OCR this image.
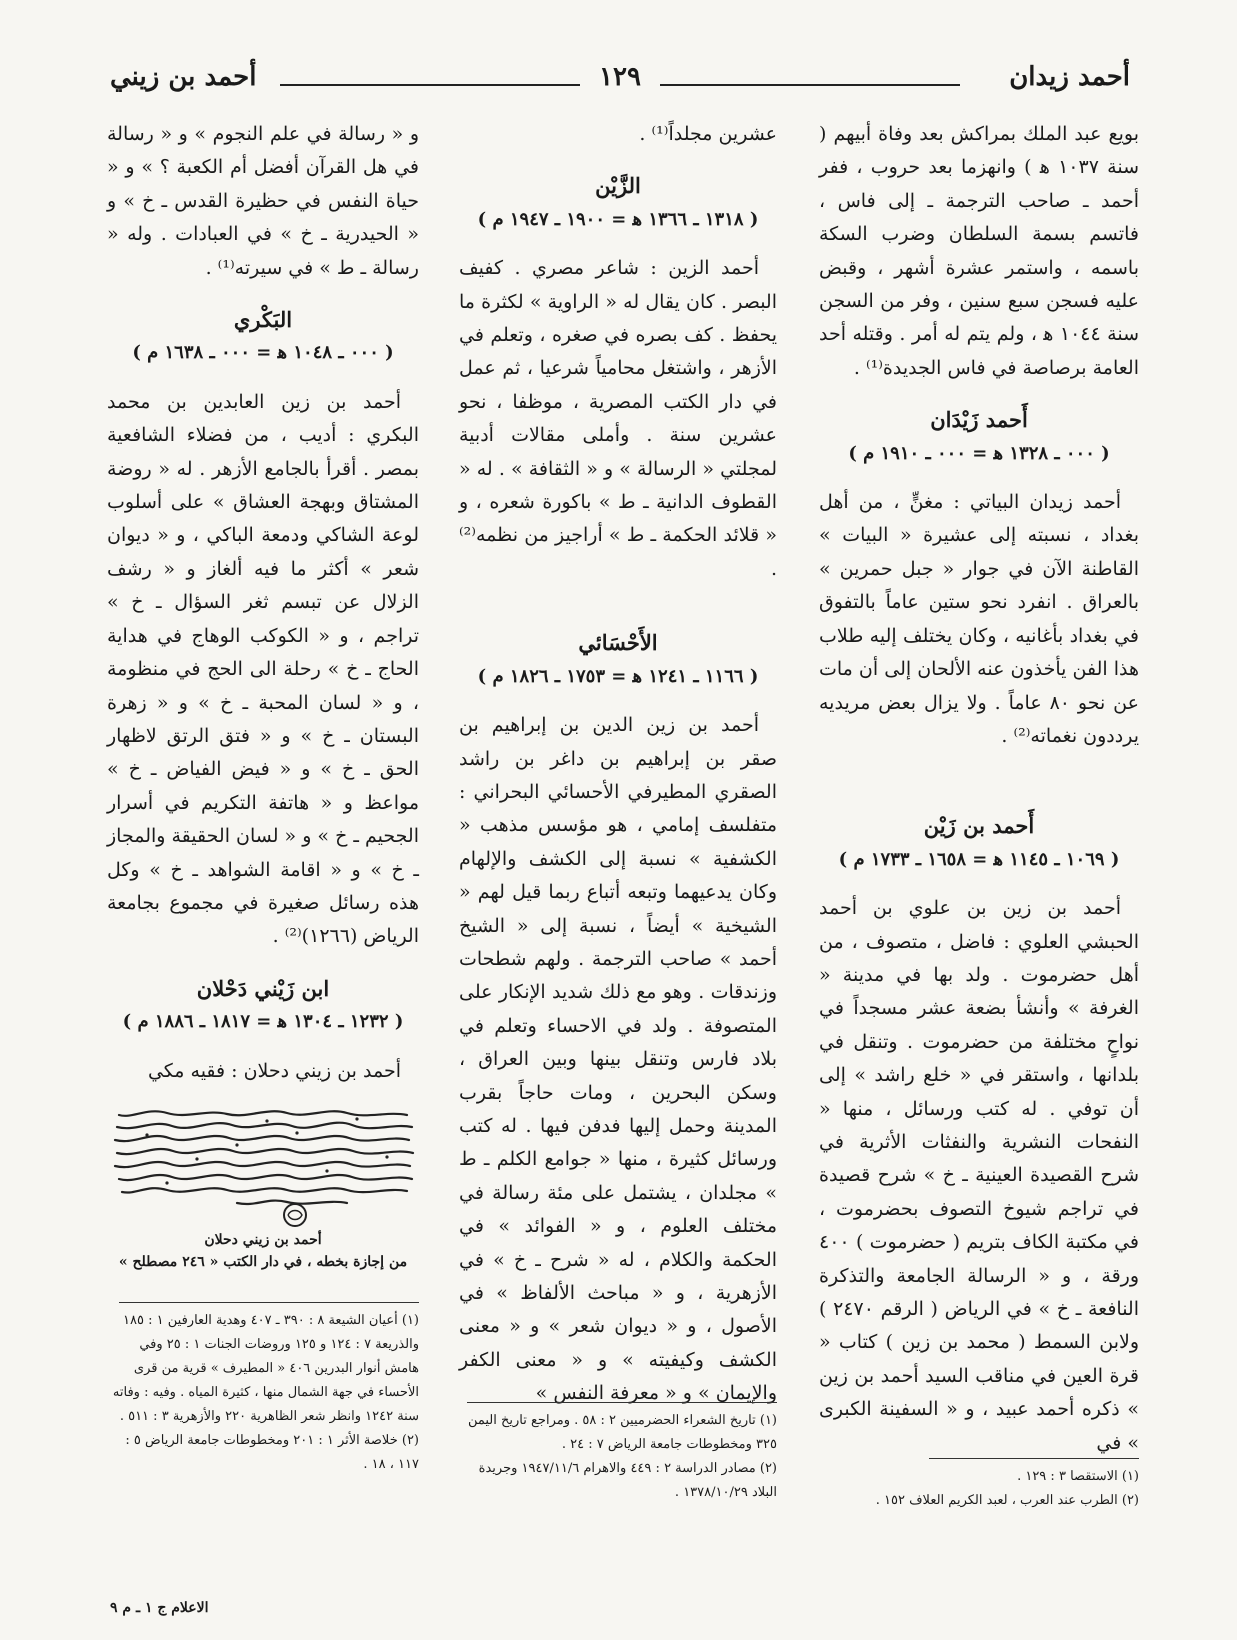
أحمد زيدان
١٢٩
أحمد بن زيني

بويع عبد الملك بمراكش بعد وفاة أبيهم ( سنة ١٠٣٧ ﻫ ) وانهزما بعد حروب ، ففر أحمد ـ صاحب الترجمة ـ إلى فاس ، فاتسم بسمة السلطان وضرب السكة باسمه ، واستمر عشرة أشهر ، وقبض عليه فسجن سبع سنين ، وفر من السجن سنة ١٠٤٤ ﻫ ، ولم يتم له أمر . وقتله أحد العامة برصاصة في فاس الجديدة⁽¹⁾ .

أَحمد زَيْدَان
( ٠٠٠ ـ ١٣٢٨ ﻫ = ٠٠٠ ـ ١٩١٠ م )

أحمد زيدان البياتي : مغنٍّ ، من أهل بغداد ، نسبته إلى عشيرة « البيات » القاطنة الآن في جوار « جبل حمرين » بالعراق . انفرد نحو ستين عاماً بالتفوق في بغداد بأغانيه ، وكان يختلف إليه طلاب هذا الفن يأخذون عنه الألحان إلى أن مات عن نحو ٨٠ عاماً . ولا يزال بعض مريديه يرددون نغماته⁽²⁾ .

أَحمد بن زَيْن
( ١٠٦٩ ـ ١١٤٥ ﻫ = ١٦٥٨ ـ ١٧٣٣ م )

أحمد بن زين بن علوي بن أحمد الحبشي العلوي : فاضل ، متصوف ، من أهل حضرموت . ولد بها في مدينة « الغرفة » وأنشأ بضعة عشر مسجداً في نواحٍ مختلفة من حضرموت . وتنقل في بلدانها ، واستقر في « خلع راشد » إلى أن توفي . له كتب ورسائل ، منها « النفحات النشرية والنفثات الأثرية في شرح القصيدة العينية ـ خ » شرح قصيدة في تراجم شيوخ التصوف بحضرموت ، في مكتبة الكاف بتريم ( حضرموت ) ٤٠٠ ورقة ، و « الرسالة الجامعة والتذكرة النافعة ـ خ » في الرياض ( الرقم ٢٤٧٠ ) ولابن السمط ( محمد بن زين ) كتاب « قرة العين في مناقب السيد أحمد بن زين » ذكره أحمد عبيد ، و « السفينة الكبرى » في

(١) الاستقصا ٣ : ١٢٩ .
(٢) الطرب عند العرب ، لعبد الكريم العلاف ١٥٢ .

عشرين مجلداً⁽¹⁾ .

الزَّيْن
( ١٣١٨ ـ ١٣٦٦ ﻫ = ١٩٠٠ ـ ١٩٤٧ م )

أحمد الزين : شاعر مصري . كفيف البصر . كان يقال له « الراوية » لكثرة ما يحفظ . كف بصره في صغره ، وتعلم في الأزهر ، واشتغل محامياً شرعيا ، ثم عمل في دار الكتب المصرية ، موظفا ، نحو عشرين سنة . وأملى مقالات أدبية لمجلتي « الرسالة » و « الثقافة » . له « القطوف الدانية ـ ط » باكورة شعره ، و « قلائد الحكمة ـ ط » أراجيز من نظمه⁽²⁾ .

الأَحْسَائي
( ١١٦٦ ـ ١٢٤١ ﻫ = ١٧٥٣ ـ ١٨٢٦ م )

أحمد بن زين الدين بن إبراهيم بن صقر بن إبراهيم بن داغر بن راشد الصقري المطيرفي الأحسائي البحراني : متفلسف إمامي ، هو مؤسس مذهب « الكشفية » نسبة إلى الكشف والإلهام وكان يدعيهما وتبعه أتباع ربما قيل لهم « الشيخية » أيضاً ، نسبة إلى « الشيخ أحمد » صاحب الترجمة . ولهم شطحات وزندقات . وهو مع ذلك شديد الإنكار على المتصوفة . ولد في الاحساء وتعلم في بلاد فارس وتنقل بينها وبين العراق ، وسكن البحرين ، ومات حاجاً بقرب المدينة وحمل إليها فدفن فيها . له كتب ورسائل كثيرة ، منها « جوامع الكلم ـ ط » مجلدان ، يشتمل على مئة رسالة في مختلف العلوم ، و « الفوائد » في الحكمة والكلام ، له « شرح ـ خ » في الأزهرية ، و « مباحث الألفاظ » في الأصول ، و « ديوان شعر » و « معنى الكشف وكيفيته » و « معنى الكفر والإيمان » و « معرفة النفس »

(١) تاريخ الشعراء الحضرميين ٢ : ٥٨ . ومراجع تاريخ اليمن ٣٢٥ ومخطوطات جامعة الرياض ٧ : ٢٤ .
(٢) مصادر الدراسة ٢ : ٤٤٩ والاهرام ١٩٤٧/١١/٦ وجريدة البلاد ١٣٧٨/١٠/٢٩ .

و « رسالة في علم النجوم » و « رسالة في هل القرآن أفضل أم الكعبة ؟ » و « حياة النفس في حظيرة القدس ـ خ » و « الحيدرية ـ خ » في العبادات . وله « رسالة ـ ط » في سيرته⁽¹⁾ .

البَكْري
( ٠٠٠ ـ ١٠٤٨ ﻫ = ٠٠٠ ـ ١٦٣٨ م )

أحمد بن زين العابدين بن محمد البكري : أديب ، من فضلاء الشافعية بمصر . أقرأ بالجامع الأزهر . له « روضة المشتاق وبهجة العشاق » على أسلوب لوعة الشاكي ودمعة الباكي ، و « ديوان شعر » أكثر ما فيه ألغاز و « رشف الزلال عن تبسم ثغر السؤال ـ خ » تراجم ، و « الكوكب الوهاج في هداية الحاج ـ خ » رحلة الى الحج في منظومة ، و « لسان المحبة ـ خ » و « زهرة البستان ـ خ » و « فتق الرتق لاظهار الحق ـ خ » و « فيض الفياض ـ خ » مواعظ و « هاتفة التكريم في أسرار الجحيم ـ خ » و « لسان الحقيقة والمجاز ـ خ » و « اقامة الشواهد ـ خ » وكل هذه رسائل صغيرة في مجموع بجامعة الرياض (١٢٦٦)⁽²⁾ .

ابن زَيْني دَحْلان
( ١٢٣٢ ـ ١٣٠٤ ﻫ = ١٨١٧ ـ ١٨٨٦ م )

أحمد بن زيني دحلان : فقيه مكي

أحمد بن زيني دحلان
من إجازة بخطه ، في دار الكتب « ٢٤٦ مصطلح »
(١) أعيان الشيعة ٨ : ٣٩٠ ـ ٤٠٧ وهدية العارفين ١ : ١٨٥ والذريعة ٧ : ١٢٤ و ١٢٥ وروضات الجنات ١ : ٢٥ وفي هامش أنوار البدرين ٤٠٦ « المطيرف » قرية من قرى الأحساء في جهة الشمال منها ، كثيرة المياه . وفيه : وفاته سنة ١٢٤٢ وانظر شعر الظاهرية ٢٢٠ والأزهرية ٣ : ٥١١ .
(٢) خلاصة الأثر ١ : ٢٠١ ومخطوطات جامعة الرياض ٥ : ١١٧ ، ١٨ .
الاعلام ج ١ ـ م ٩
